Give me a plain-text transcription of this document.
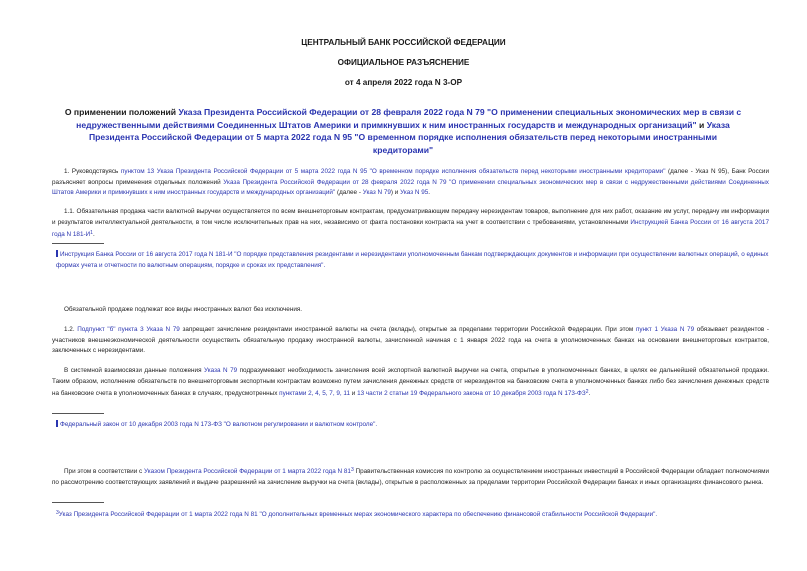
ЦЕНТРАЛЬНЫЙ БАНК РОССИЙСКОЙ ФЕДЕРАЦИИ
ОФИЦИАЛЬНОЕ РАЗЪЯСНЕНИЕ
от 4 апреля 2022 года N 3-ОР
О применении положений Указа Президента Российской Федерации от 28 февраля 2022 года N 79 "О применении специальных экономических мер в связи с недружественными действиями Соединенных Штатов Америки и примкнувших к ним иностранных государств и международных организаций" и Указа Президента Российской Федерации от 5 марта 2022 года N 95 "О временном порядке исполнения обязательств перед некоторыми иностранными кредиторами"
1. Руководствуясь пунктом 13 Указа Президента Российской Федерации от 5 марта 2022 года N 95 "О временном порядке исполнения обязательств перед некоторыми иностранными кредиторами" (далее - Указ N 95), Банк России разъясняет вопросы применения отдельных положений Указа Президента Российской Федерации от 28 февраля 2022 года N 79 "О применении специальных экономических мер в связи с недружественными действиями Соединенных Штатов Америки и примкнувших к ним иностранных государств и международных организаций" (далее - Указ N 79) и Указ N 95.
1.1. Обязательная продажа части валютной выручки осуществляется по всем внешнеторговым контрактам, предусматривающим передачу нерезидентам товаров, выполнение для них работ, оказание им услуг, передачу им информации и результатов интеллектуальной деятельности, в том числе исключительных прав на них, независимо от факта постановки контракта на учет в соответствии с требованиями, установленными Инструкцией Банка России от 16 августа 2017 года N $181-И^1$.
Инструкция Банка России от 16 августа 2017 года N 181-И "О порядке представления резидентами и нерезидентами уполномоченным банкам подтверждающих документов и информации при осуществлении валютных операций, о единых формах учета и отчетности по валютным операциям, порядке и сроках их представления".
Обязательной продаже подлежат все виды иностранных валют без исключения.
1.2. Подпункт "б" пункта 3 Указа N 79 запрещает зачисление резидентами иностранной валюты на счета (вклады), открытые за пределами территории Российской Федерации. При этом пункт 1 Указа N 79 обязывает резидентов - участников внешнеэкономической деятельности осуществить обязательную продажу иностранной валюты, зачисленной начиная с 1 января 2022 года на счета в уполномоченных банках на основании внешнеторговых контрактов, заключенных с нерезидентами.
В системной взаимосвязи данные положения Указа N 79 подразумевают необходимость зачисления всей экспортной валютной выручки на счета, открытые в уполномоченных банках, в целях ее дальнейшей обязательной продажи. Таким образом, исполнение обязательств по внешнеторговым экспортным контрактам возможно путем зачисления денежных средств от нерезидентов на банковские счета в уполномоченных банках либо без зачисления денежных средств на банковские счета в уполномоченных банках в случаях, предусмотренных пунктами 2, 4, 5, 7, 9, 11 и 13 части 2 статьи 19 Федерального закона от 10 декабря 2003 года N $173-ФЗ^2$.
Федеральный закон от 10 декабря 2003 года N 173-ФЗ "О валютном регулировании и валютном контроле".
При этом в соответствии с Указом Президента Российской Федерации от 1 марта 2022 года N $81^3$ Правительственная комиссия по контролю за осуществлением иностранных инвестиций в Российской Федерации обладает полномочиями по рассмотрению соответствующих заявлений и выдаче разрешений на зачисление выручки на счета (вклады), открытые в расположенных за пределами территории Российской Федерации банках и иных организациях финансового рынка.
$^3$Указ Президента Российской Федерации от 1 марта 2022 года N 81 "О дополнительных временных мерах экономического характера по обеспечению финансовой стабильности Российской Федерации".
